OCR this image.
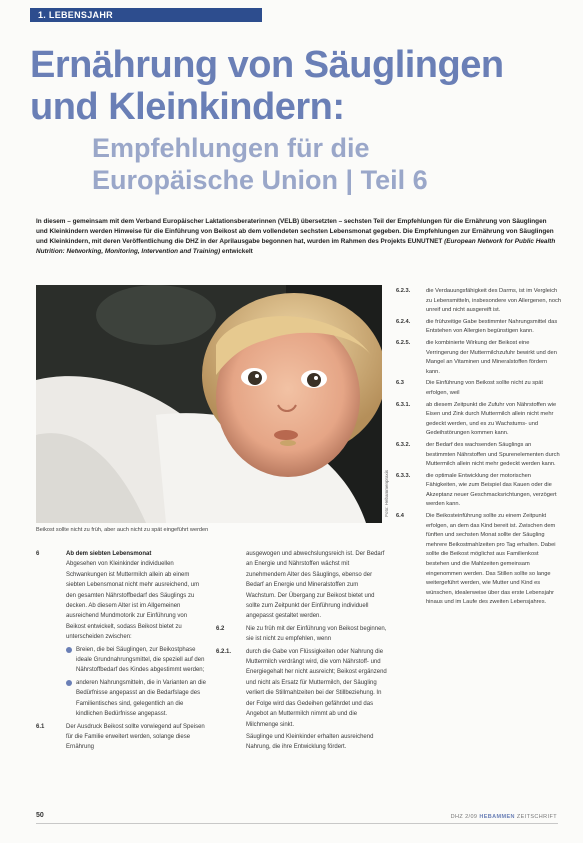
1. LEBENSJAHR
Ernährung von Säuglingen
und Kleinkindern:
Empfehlungen für die
Europäische Union | Teil 6
In diesem – gemeinsam mit dem Verband Europäischer Laktationsberaterinnen (VELB) übersetzten – sechsten Teil der Empfehlungen für die Ernährung von Säuglingen und Kleinkindern werden Hinweise für die Einführung von Beikost ab dem vollendeten sechsten Lebensmonat gegeben. Die Empfehlungen zur Ernährung von Säuglingen und Kleinkindern, mit deren Veröffentlichung die DHZ in der Aprilausgabe begonnen hat, wurden im Rahmen des Projekts EUNUTNET (European Network for Public Health Nutrition: Networking, Monitoring, Intervention and Training) entwickelt
Foto: Hebammenpraxis
Beikost sollte nicht zu früh, aber auch nicht zu spät eingeführt werden
6	Ab dem siebten Lebensmonat
Abgesehen von Kleinkinder individuellen Schwankungen ist Muttermilch allein ab einem siebten Lebensmonat nicht mehr ausreichend, um den gesamten Nährstoffbedarf des Säuglings zu decken. Ab diesem Alter ist im Allgemeinen ausreichend Mundmotorik zur Einführung von Beikost entwickelt, sodass Beikost bietet zu unterscheiden zwischen:
Breien, die bei Säuglingen, zur Beikostphase ideale Grundnahrungsmittel, die speziell auf den Nährstoffbedarf des Kindes abgestimmt werden;
anderen Nahrungsmitteln, die in Varianten an die Bedürfnisse angepasst an die Bedarfslage des Familientisches sind, gelegentlich an die kindlichen Bedürfnisse angepasst.
6.1	Der Ausdruck Beikost sollte vorwiegend auf Speisen für die Familie erweitert werden, solange diese Ernährung

ausgewogen und abwechslungsreich ist. Der Bedarf an Energie und Nährstoffen wächst mit zunehmendem Alter des Säuglings, ebenso der Bedarf an Energie und Mineralstoffen zum Wachstum. Der Übergang zur Beikost bietet und sollte zum Zeitpunkt der Einführung individuell angepasst gestaltet werden.

6.2	Nie zu früh mit der Einführung von Beikost beginnen, sie ist nicht zu empfehlen, wenn
6.2.1.	durch die Gabe von Flüssigkeiten oder Nahrung die Muttermilch verdrängt wird, die vom Nährstoff- und Energiegehalt her nicht ausreicht; Beikost ergänzend und nicht als Ersatz für Muttermilch, der Säugling verliert die Stillmahlzeiten bei der Stillbeziehung. In der Folge wird das Gedeihen gefährdet und das Angebot an Muttermilch nimmt ab und die Milchmenge sinkt.

Säuglinge und Kleinkinder erhalten ausreichend Nahrung, die ihre Entwicklung fördert.

6.2.3.	die Verdauungsfähigkeit des Darms, ist im Vergleich zu Lebensmitteln, insbesondere von Allergenen, noch unreif und nicht ausgereift ist.
6.2.4.	die frühzeitige Gabe bestimmter Nahrungsmittel das Entstehen von Allergien begünstigen kann.
6.2.5.	die kombinierte Wirkung der Beikost eine Verringerung der Muttermilchzufuhr bewirkt und den Mangel an Vitaminen und Mineralstoffen fördern kann.
6.3	Die Einführung von Beikost sollte nicht zu spät erfolgen, weil
6.3.1.	ab diesem Zeitpunkt die Zufuhr von Nährstoffen wie Eisen und Zink durch Muttermilch allein nicht mehr gedeckt werden, und es zu Wachstums- und Gedeihstörungen kommen kann.
6.3.2.	der Bedarf des wachsenden Säuglings an bestimmten Nährstoffen und Spurenelementen durch Muttermilch allein nicht mehr gedeckt werden kann.
6.3.3.	die optimale Entwicklung der motorischen Fähigkeiten, wie zum Beispiel das Kauen oder die Akzeptanz neuer Geschmacksrichtungen, verzögert werden kann.
6.4	Die Beikosteinführung sollte zu einem Zeitpunkt erfolgen, an dem das Kind bereit ist. Zwischen dem fünften und sechsten Monat sollte der Säugling mehrere Beikostmahlzeiten pro Tag erhalten. Dabei sollte die Beikost möglichst aus Familienkost bestehen und die Mahlzeiten gemeinsam eingenommen werden. Das Stillen sollte so lange weitergeführt werden, wie Mutter und Kind es wünschen, idealerweise über das erste Lebensjahr hinaus und im Laufe des zweiten Lebensjahres.
50	DHZ 2/09 HEBAMMEN ZEITSCHRIFT
